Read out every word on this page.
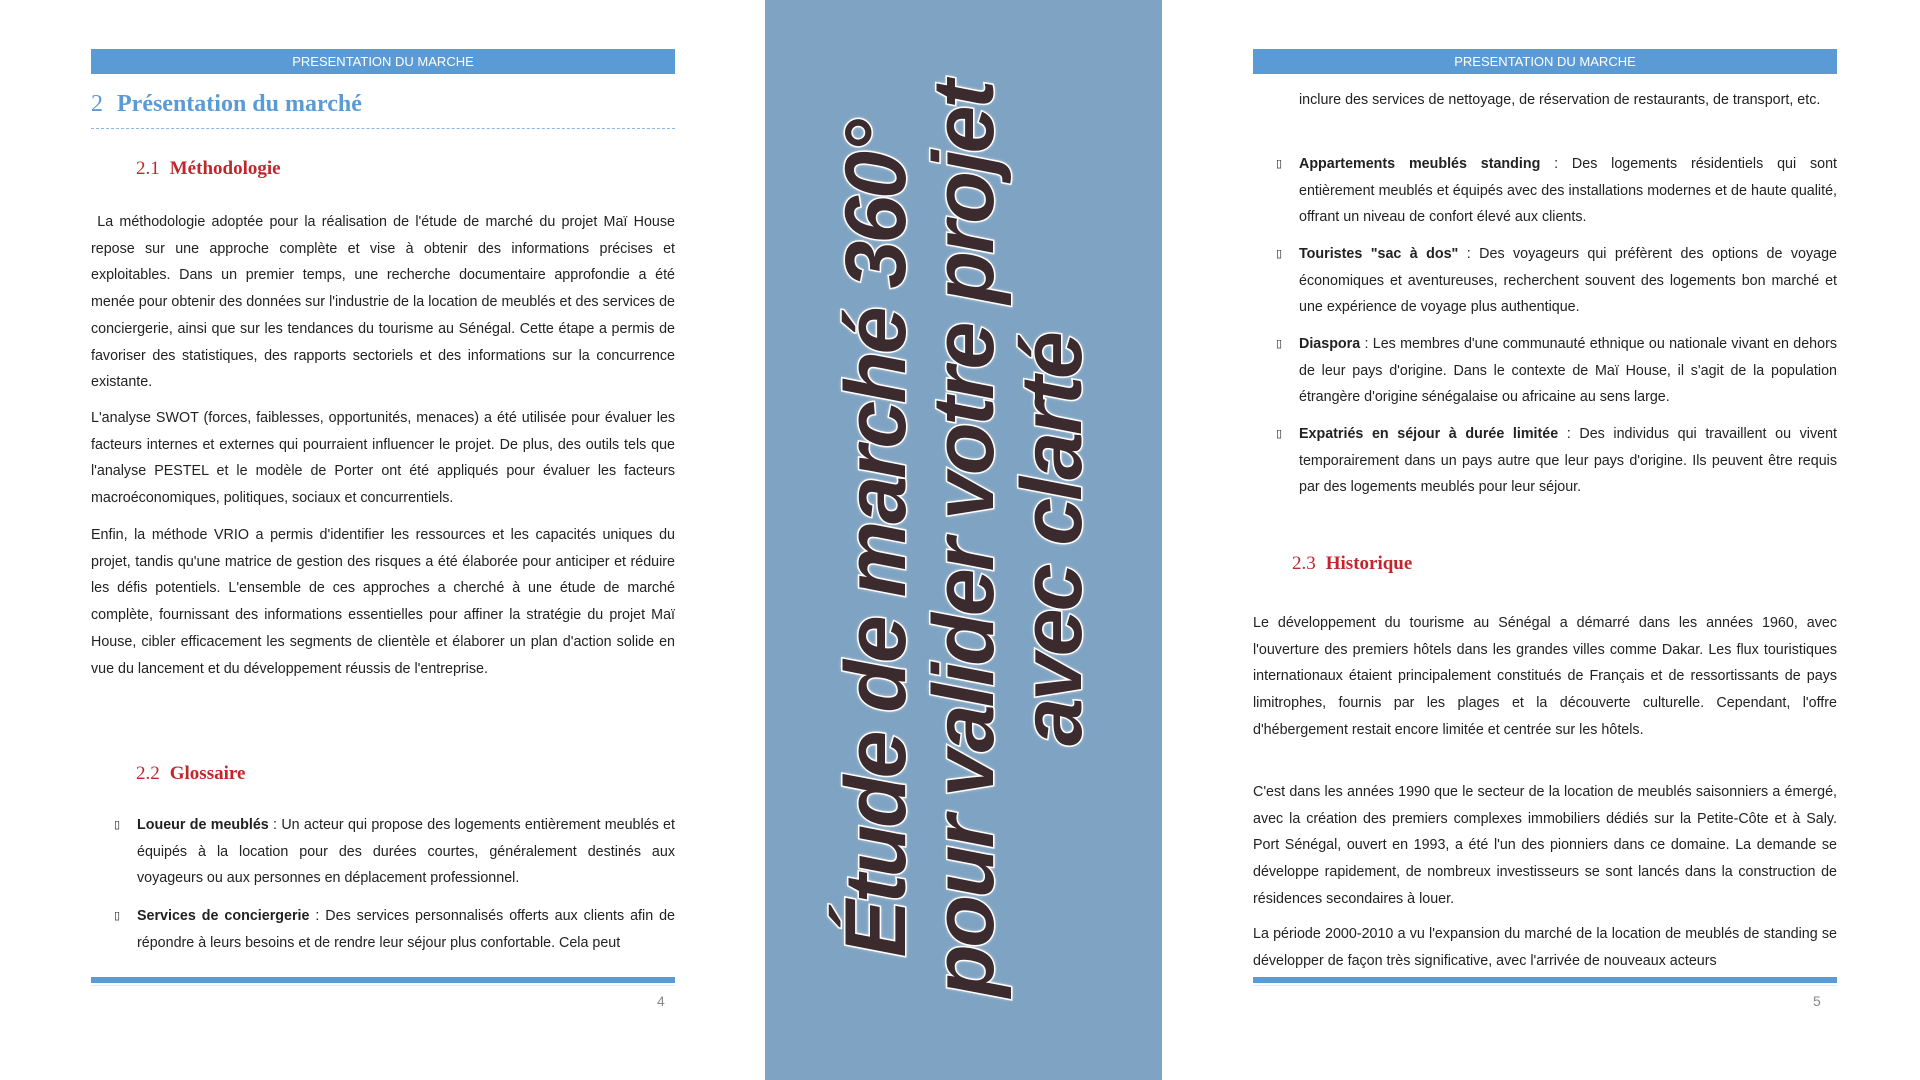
PRESENTATION DU MARCHE
2 Présentation du marché
2.1 Méthodologie

La méthodologie adoptée pour la réalisation de l'étude de marché du projet Maï House repose sur une approche complète et vise à obtenir des informations précises et exploitables. Dans un premier temps, une recherche documentaire approfondie a été menée pour obtenir des données sur l'industrie de la location de meublés et des services de conciergerie, ainsi que sur les tendances du tourisme au Sénégal. Cette étape a permis de favoriser des statistiques, des rapports sectoriels et des informations sur la concurrence existante.

L'analyse SWOT (forces, faiblesses, opportunités, menaces) a été utilisée pour évaluer les facteurs internes et externes qui pourraient influencer le projet. De plus, des outils tels que l'analyse PESTEL et le modèle de Porter ont été appliqués pour évaluer les facteurs macroéconomiques, politiques, sociaux et concurrentiels.

Enfin, la méthode VRIO a permis d'identifier les ressources et les capacités uniques du projet, tandis qu'une matrice de gestion des risques a été élaborée pour anticiper et réduire les défis potentiels. L'ensemble de ces approches a cherché à une étude de marché complète, fournissant des informations essentielles pour affiner la stratégie du projet Maï House, cibler efficacement les segments de clientèle et élaborer un plan d'action solide en vue du lancement et du développement réussis de l'entreprise.

2.2 Glossaire
▯ Loueur de meublés : Un acteur qui propose des logements entièrement meublés et équipés à la location pour des durées courtes, généralement destinés aux voyageurs ou aux personnes en déplacement professionnel.
▯ Services de conciergerie : Des services personnalisés offerts aux clients afin de répondre à leurs besoins et de rendre leur séjour plus confortable. Cela peut
4
Étude de marché 360°
pour valider votre projet
avec clarté
PRESENTATION DU MARCHE

inclure des services de nettoyage, de réservation de restaurants, de transport, etc.

▯ Appartements meublés standing : Des logements résidentiels qui sont entièrement meublés et équipés avec des installations modernes et de haute qualité, offrant un niveau de confort élevé aux clients.
▯ Touristes "sac à dos" : Des voyageurs qui préfèrent des options de voyage économiques et aventureuses, recherchent souvent des logements bon marché et une expérience de voyage plus authentique.
▯ Diaspora : Les membres d'une communauté ethnique ou nationale vivant en dehors de leur pays d'origine. Dans le contexte de Maï House, il s'agit de la population étrangère d'origine sénégalaise ou africaine au sens large.
▯ Expatriés en séjour à durée limitée : Des individus qui travaillent ou vivent temporairement dans un pays autre que leur pays d'origine. Ils peuvent être requis par des logements meublés pour leur séjour.
2.3 Historique

Le développement du tourisme au Sénégal a démarré dans les années 1960, avec l'ouverture des premiers hôtels dans les grandes villes comme Dakar. Les flux touristiques internationaux étaient principalement constitués de Français et de ressortissants de pays limitrophes, fournis par les plages et la découverte culturelle. Cependant, l'offre d'hébergement restait encore limitée et centrée sur les hôtels.

C'est dans les années 1990 que le secteur de la location de meublés saisonniers a émergé, avec la création des premiers complexes immobiliers dédiés sur la Petite-Côte et à Saly. Port Sénégal, ouvert en 1993, a été l'un des pionniers dans ce domaine. La demande se développe rapidement, de nombreux investisseurs se sont lancés dans la construction de résidences secondaires à louer.

La période 2000-2010 a vu l'expansion du marché de la location de meublés de standing se développer de façon très significative, avec l'arrivée de nouveaux acteurs

5
